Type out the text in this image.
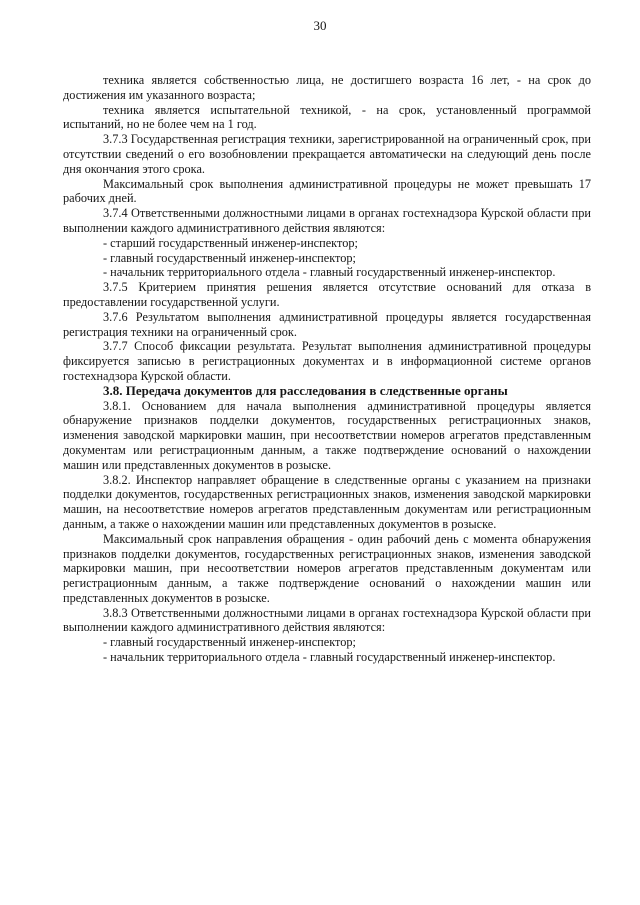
30

техника является собственностью лица, не достигшего возраста 16 лет, - на срок до достижения им указанного возраста;

техника является испытательной техникой, - на срок, установленный программой испытаний, но не более чем на 1 год.

3.7.3 Государственная регистрация техники, зарегистрированной на ограниченный срок, при отсутствии сведений о его возобновлении прекращается автоматически на следующий день после дня окончания этого срока.

Максимальный срок выполнения административной процедуры не может превышать 17 рабочих дней.

3.7.4 Ответственными должностными лицами в органах гостехнадзора Курской области при выполнении каждого административного действия являются:

- старший государственный инженер-инспектор;

- главный государственный инженер-инспектор;

- начальник территориального отдела - главный государственный инженер-инспектор.

3.7.5 Критерием принятия решения является отсутствие оснований для отказа в предоставлении государственной услуги.

3.7.6 Результатом выполнения административной процедуры является государственная регистрация техники на ограниченный срок.

3.7.7 Способ фиксации результата. Результат выполнения административной процедуры фиксируется записью в регистрационных документах и в информационной системе органов гостехнадзора Курской области.

3.8. Передача документов для расследования в следственные органы

3.8.1. Основанием для начала выполнения административной процедуры является обнаружение признаков подделки документов, государственных регистрационных знаков, изменения заводской маркировки машин, при несоответствии номеров агрегатов представленным документам или регистрационным данным, а также подтверждение оснований о нахождении машин или представленных документов в розыске.

3.8.2. Инспектор направляет обращение в следственные органы с указанием на признаки подделки документов, государственных регистрационных знаков, изменения заводской маркировки машин, на несоответствие номеров агрегатов представленным документам или регистрационным данным, а также о нахождении машин или представленных документов в розыске.

Максимальный срок направления обращения - один рабочий день с момента обнаружения признаков подделки документов, государственных регистрационных знаков, изменения заводской маркировки машин, при несоответствии номеров агрегатов представленным документам или регистрационным данным, а также подтверждение оснований о нахождении машин или представленных документов в розыске.

3.8.3 Ответственными должностными лицами в органах гостехнадзора Курской области при выполнении каждого административного действия являются:

- главный государственный инженер-инспектор;

- начальник территориального отдела - главный государственный инженер-инспектор.
